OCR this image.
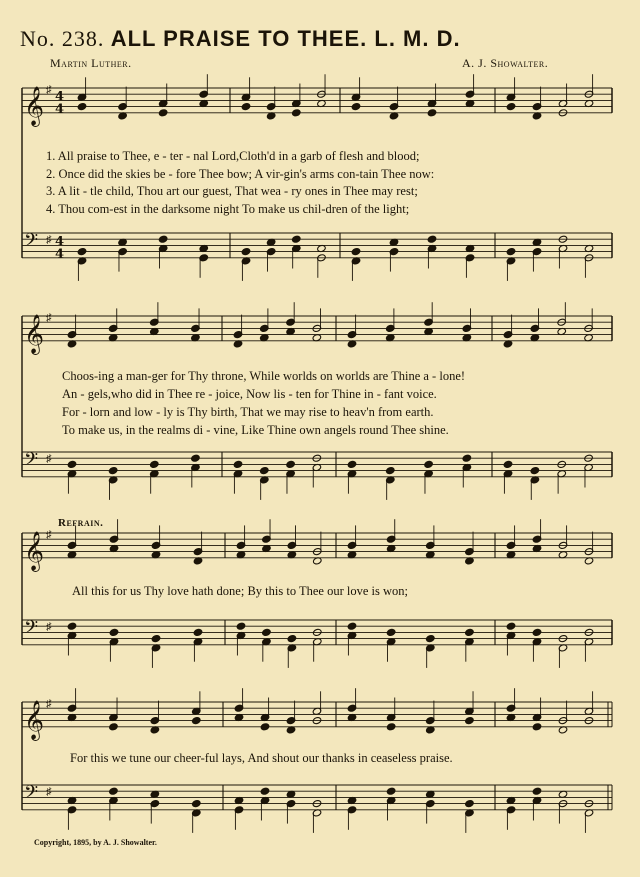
No. 238. ALL PRAISE TO THEE. L. M. D.
Martin Luther.	A. J. Showalter.
𝄞 ♯ 4
4
𝄢 ♯ 4
4
𝄞 ♯
𝄢 ♯
𝄞 ♯
𝄢 ♯
𝄞 ♯
𝄢 ♯
1. All praise to Thee, e - ter - nal Lord,Cloth'd in a garb of flesh and blood;
2. Once did the skies be - fore Thee bow; A vir-gin's arms con-tain Thee now:
3. A lit - tle child, Thou art our guest, That wea - ry ones in Thee may rest;
4. Thou com-est in the darksome night To make us chil-dren of the light;
Choos-ing a man-ger for Thy throne, While worlds on worlds are Thine a - lone!
An - gels,who did in Thee re - joice, Now lis - ten for Thine in - fant voice.
For - lorn and low - ly is Thy birth, That we may rise to heav'n from earth.
To make us, in the realms di - vine, Like Thine own angels round Thee shine.
Refrain.
All this for us Thy love hath done; By this to Thee our love is won;
For this we tune our cheer-ful lays, And shout our thanks in ceaseless praise.
Copyright, 1895, by A. J. Showalter.
